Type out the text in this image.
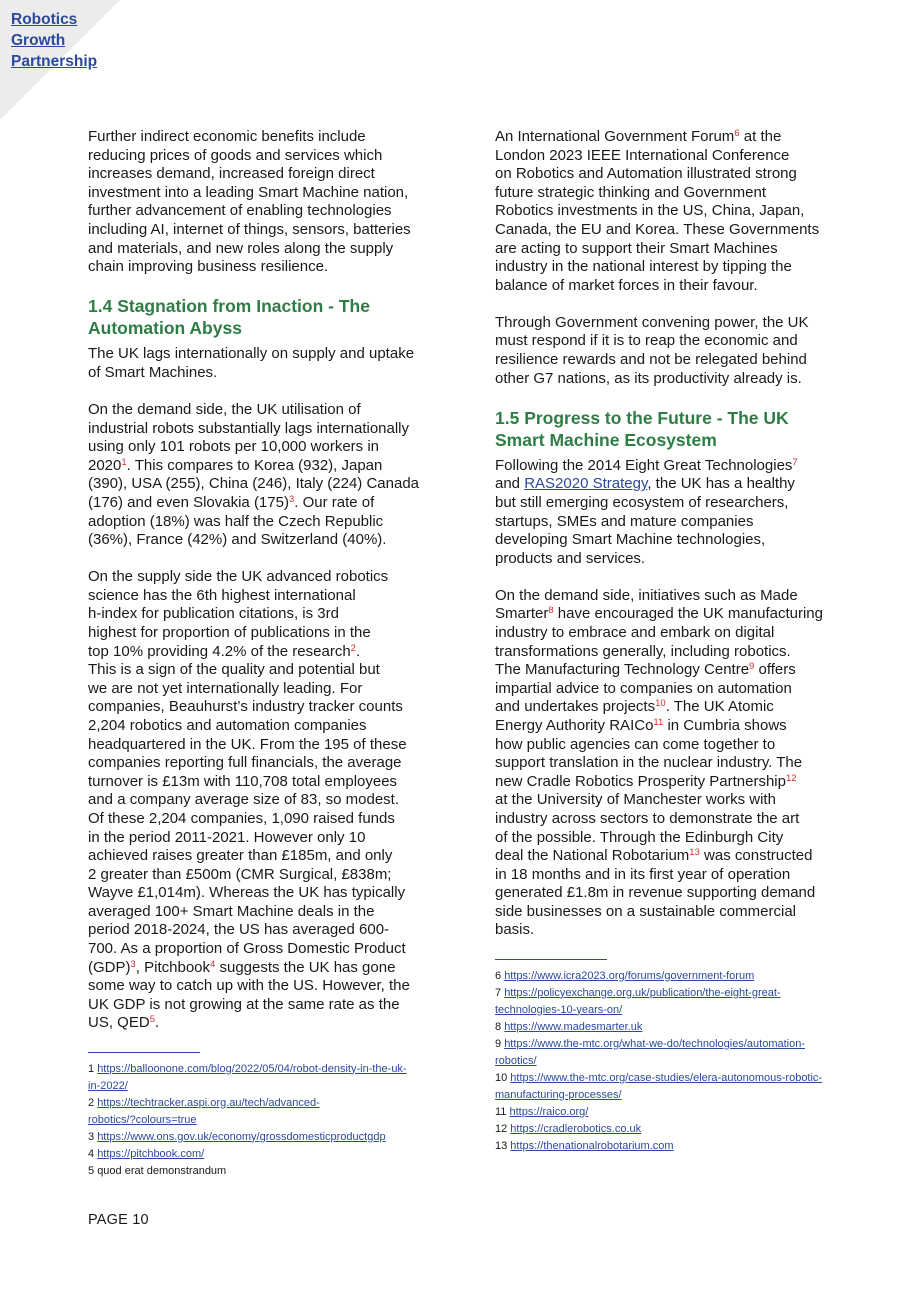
Robotics
Growth
Partnership

Further indirect economic benefits include
reducing prices of goods and services which
increases demand, increased foreign direct
investment into a leading Smart Machine nation,
further advancement of enabling technologies
including AI, internet of things, sensors, batteries
and materials, and new roles along the supply
chain improving business resilience.

1.4 Stagnation from Inaction - The
Automation Abyss

The UK lags internationally on supply and uptake
of Smart Machines.

On the demand side, the UK utilisation of
industrial robots substantially lags internationally
using only 101 robots per 10,000 workers in
2020$^1$. This compares to Korea (932), Japan
(390), USA (255), China (246), Italy (224) Canada
(176) and even Slovakia $(175)^3$. Our rate of
adoption (18%) was half the Czech Republic
(36%), France (42%) and Switzerland (40%).

On the supply side the UK advanced robotics
science has the 6th highest international
h-index for publication citations, is 3rd
highest for proportion of publications in the
top 10% providing 4.2% of the research$^2$.
This is a sign of the quality and potential but
we are not yet internationally leading. For
companies, Beauhurst’s industry tracker counts
2,204 robotics and automation companies
headquartered in the UK. From the 195 of these
companies reporting full financials, the average
turnover is £13m with 110,708 total employees
and a company average size of 83, so modest.
Of these 2,204 companies, 1,090 raised funds
in the period 2011-2021. However only 10
achieved raises greater than £185m, and only
2 greater than £500m (CMR Surgical, £838m;
Wayve £1,014m). Whereas the UK has typically
averaged 100+ Smart Machine deals in the
period 2018-2024, the US has averaged 600-
700. As a proportion of Gross Domestic Product
(GDP)$^3$, Pitchbook$^4$ suggests the UK has gone
some way to catch up with the US. However, the
UK GDP is not growing at the same rate as the
US, QED$^5$.

1 https://balloonone.com/blog/2022/05/04/robot-density-in-the-uk-
in-2022/
2 https://techtracker.aspi.org.au/tech/advanced-
robotics/?colours=true
3 https://www.ons.gov.uk/economy/grossdomesticproductgdp
4 https://pitchbook.com/
5 quod erat demonstrandum

An International Government Forum$^6$ at the
London 2023 IEEE International Conference
on Robotics and Automation illustrated strong
future strategic thinking and Government
Robotics investments in the US, China, Japan,
Canada, the EU and Korea. These Governments
are acting to support their Smart Machines
industry in the national interest by tipping the
balance of market forces in their favour.

Through Government convening power, the UK
must respond if it is to reap the economic and
resilience rewards and not be relegated behind
other G7 nations, as its productivity already is.

1.5 Progress to the Future - The UK
Smart Machine Ecosystem

Following the 2014 Eight Great Technologies$^7$
and RAS2020 Strategy, the UK has a healthy
but still emerging ecosystem of researchers,
startups, SMEs and mature companies
developing Smart Machine technologies,
products and services.

On the demand side, initiatives such as Made
Smarter$^8$ have encouraged the UK manufacturing
industry to embrace and embark on digital
transformations generally, including robotics.
The Manufacturing Technology Centre$^9$ offers
impartial advice to companies on automation
and undertakes projects$^{10}$. The UK Atomic
Energy Authority RAICo$^{11}$ in Cumbria shows
how public agencies can come together to
support translation in the nuclear industry. The
new Cradle Robotics Prosperity Partnership$^{12}$
at the University of Manchester works with
industry across sectors to demonstrate the art
of the possible. Through the Edinburgh City
deal the National Robotarium$^{13}$ was constructed
in 18 months and in its first year of operation
generated £1.8m in revenue supporting demand
side businesses on a sustainable commercial
basis.

6 https://www.icra2023.org/forums/government-forum
7 https://policyexchange.org.uk/publication/the-eight-great-
technologies-10-years-on/
8 https://www.madesmarter.uk
9 https://www.the-mtc.org/what-we-do/technologies/automation-
robotics/
10 https://www.the-mtc.org/case-studies/elera-autonomous-robotic-
manufacturing-processes/
11 https://raico.org/
12 https://cradlerobotics.co.uk
13 https://thenationalrobotarium.com
PAGE 10
